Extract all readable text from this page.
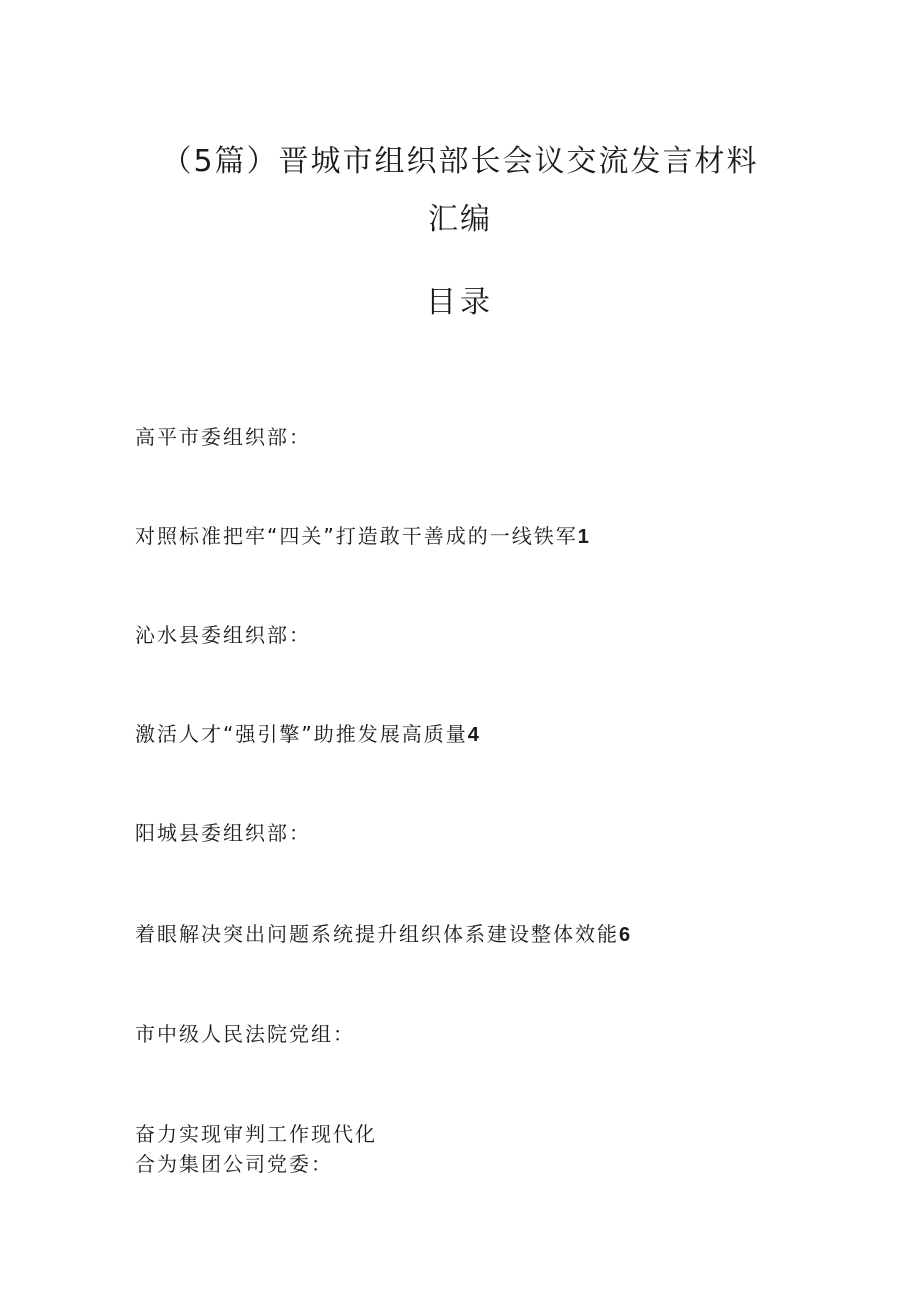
（5篇）晋城市组织部长会议交流发言材料
汇编
目录
高平市委组织部：
对照标准把牢“四关”打造敢干善成的一线铁军1
沁水县委组织部：
激活人才“强引擎”助推发展高质量4
阳城县委组织部：
着眼解决突出问题系统提升组织体系建设整体效能6
市中级人民法院党组：
奋力实现审判工作现代化
合为集团公司党委：
